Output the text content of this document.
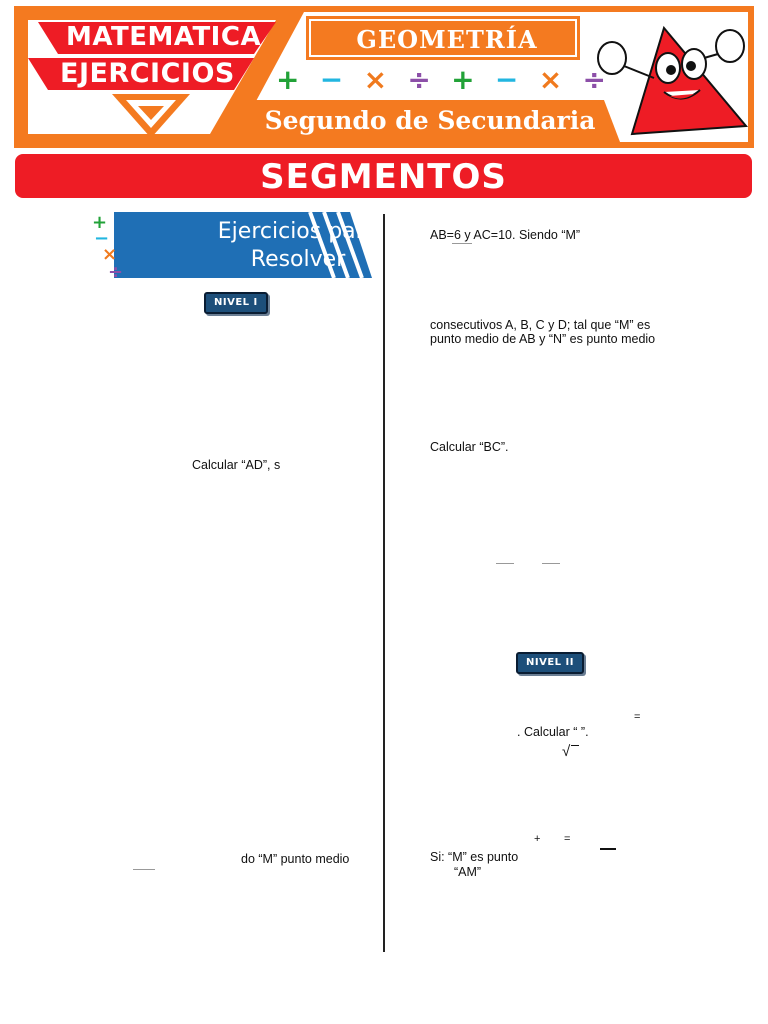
MATEMATICA
EJERCICIOS
GEOMETRÍA
+ − × ÷ + − × ÷
Segundo de Secundaria
SEGMENTOS
+
−
×
÷
Ejercicios para Resolver
NIVEL I
Calcular “AD”, s
do “M” punto medio
AB=6 y AC=10. Siendo “M”
consecutivos A, B, C y D; tal que “M” es
punto medio de AB y “N” es punto medio
Calcular “BC”.
NIVEL II
=
. Calcular “ ”.
√
+ =
Si: “M” es punto
“AM”
